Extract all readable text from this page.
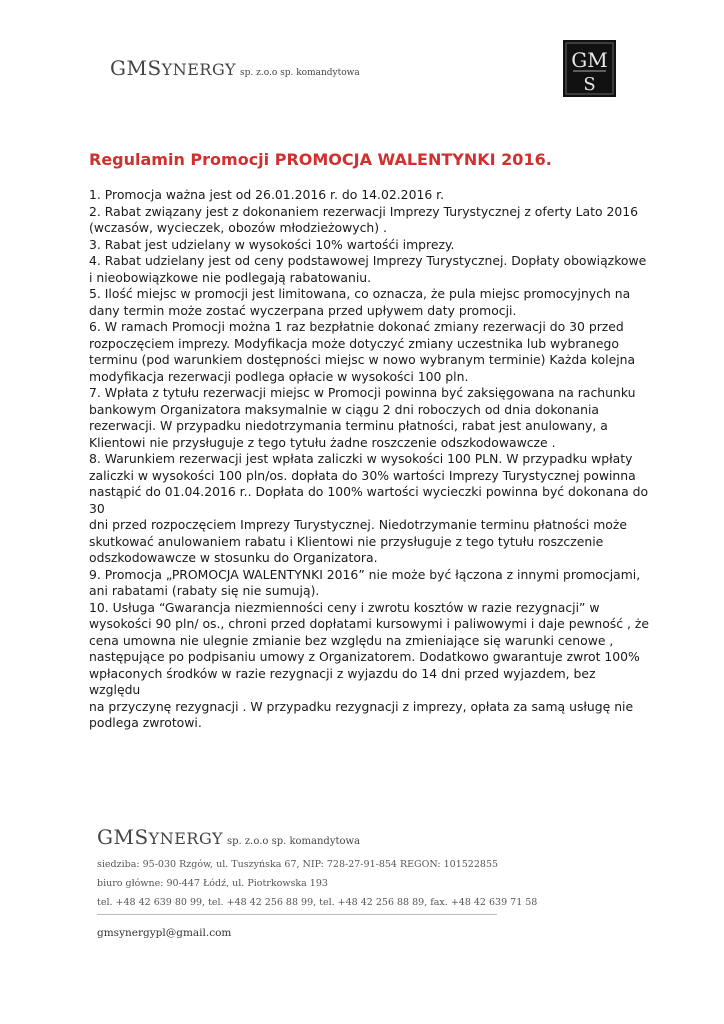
GMSYNERGY sp. z.o.o sp. komandytowa
GM
S
Regulamin Promocji PROMOCJA WALENTYNKI 2016.

1. Promocja ważna jest od 26.01.2016 r. do 14.02.2016 r.

2. Rabat związany jest z dokonaniem rezerwacji Imprezy Turystycznej z oferty Lato 2016
(wczasów, wycieczek, obozów młodzieżowych) .

3. Rabat jest udzielany w wysokości 10% wartośći imprezy.

4. Rabat udzielany jest od ceny podstawowej Imprezy Turystycznej. Dopłaty obowiązkowe
i nieobowiązkowe nie podlegają rabatowaniu.

5. Ilość miejsc w promocji jest limitowana, co oznacza, że pula miejsc promocyjnych na
dany termin może zostać wyczerpana przed upływem daty promocji.

6. W ramach Promocji można 1 raz bezpłatnie dokonać zmiany rezerwacji do 30 przed
rozpoczęciem imprezy. Modyfikacja może dotyczyć zmiany uczestnika lub wybranego
terminu (pod warunkiem dostępności miejsc w nowo wybranym terminie) Każda kolejna
modyfikacja rezerwacji podlega opłacie w wysokości 100 pln.

7. Wpłata z tytułu rezerwacji miejsc w Promocji powinna być zaksięgowana na rachunku
bankowym Organizatora maksymalnie w ciągu 2 dni roboczych od dnia dokonania
rezerwacji. W przypadku niedotrzymania terminu płatności, rabat jest anulowany, a
Klientowi nie przysługuje z tego tytułu żadne roszczenie odszkodowawcze .

8. Warunkiem rezerwacji jest wpłata zaliczki w wysokości 100 PLN. W przypadku wpłaty
zaliczki w wysokości 100 pln/os. dopłata do 30% wartości Imprezy Turystycznej powinna
nastąpić do 01.04.2016 r.. Dopłata do 100% wartości wycieczki powinna być dokonana do 30
dni przed rozpoczęciem Imprezy Turystycznej. Niedotrzymanie terminu płatności może
skutkować anulowaniem rabatu i Klientowi nie przysługuje z tego tytułu roszczenie
odszkodowawcze w stosunku do Organizatora.

9. Promocja „PROMOCJA WALENTYNKI 2016” nie może być łączona z innymi promocjami,
ani rabatami (rabaty się nie sumują).

10. Usługa “Gwarancja niezmienności ceny i zwrotu kosztów w razie rezygnacji” w
wysokości 90 pln/ os., chroni przed dopłatami kursowymi i paliwowymi i daje pewność , że
cena umowna nie ulegnie zmianie bez względu na zmieniające się warunki cenowe ,
następujące po podpisaniu umowy z Organizatorem. Dodatkowo gwarantuje zwrot 100%
wpłaconych środków w razie rezygnacji z wyjazdu do 14 dni przed wyjazdem, bez względu
na przyczynę rezygnacji . W przypadku rezygnacji z imprezy, opłata za samą usługę nie
podlega zwrotowi.

GMSYNERGY sp. z.o.o sp. komandytowa
siedziba: 95-030 Rzgów, ul. Tuszyńska 67, NIP: 728-27-91-854 REGON: 101522855
biuro główne: 90-447 Łódź, ul. Piotrkowska 193
tel. +48 42 639 80 99, tel. +48 42 256 88 99, tel. +48 42 256 88 89, fax. +48 42 639 71 58
gmsynergypl@gmail.com
